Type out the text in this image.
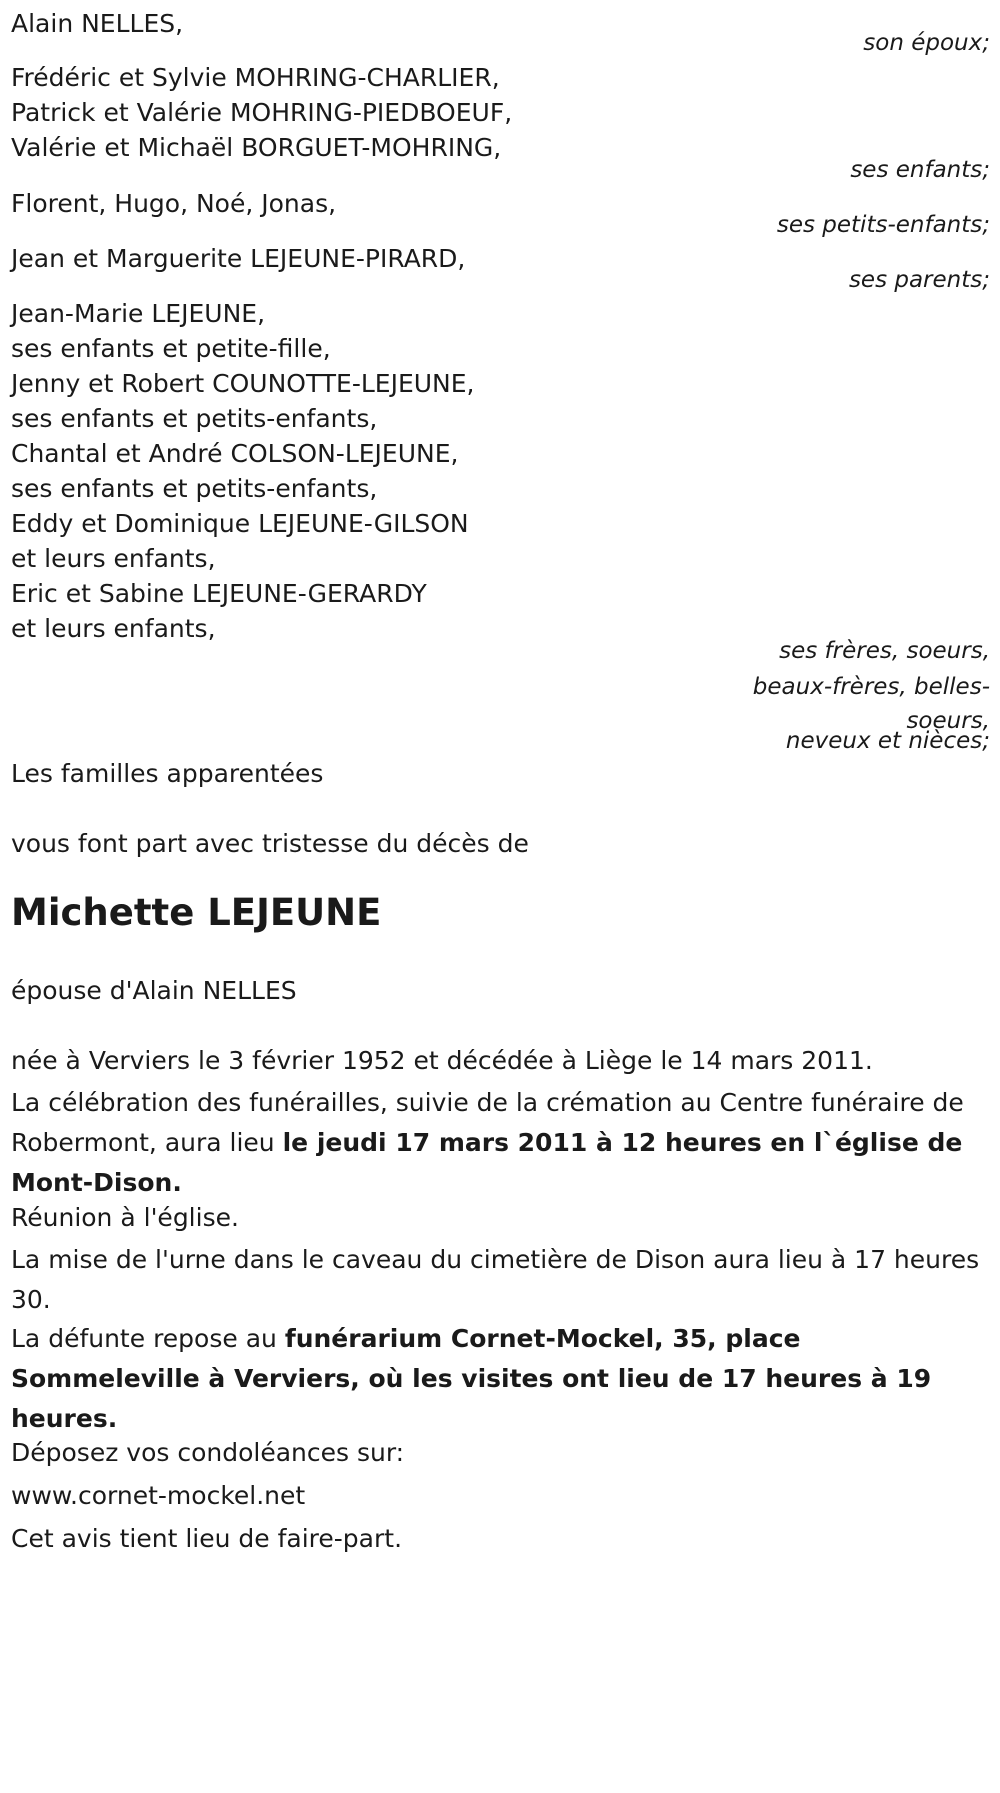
Alain NELLES,
son époux;
Frédéric et Sylvie MOHRING-CHARLIER,
Patrick et Valérie MOHRING-PIEDBOEUF,
Valérie et Michaël BORGUET-MOHRING,
ses enfants;
Florent, Hugo, Noé, Jonas,
ses petits-enfants;
Jean et Marguerite LEJEUNE-PIRARD,
ses parents;
Jean-Marie LEJEUNE,
ses enfants et petite-fille,
Jenny et Robert COUNOTTE-LEJEUNE,
ses enfants et petits-enfants,
Chantal et André COLSON-LEJEUNE,
ses enfants et petits-enfants,
Eddy et Dominique LEJEUNE-GILSON
et leurs enfants,
Eric et Sabine LEJEUNE-GERARDY
et leurs enfants,
ses frères, soeurs,
beaux-frères, belles-
soeurs,
neveux et nièces;
Les familles apparentées
vous font part avec tristesse du décès de
Michette LEJEUNE
épouse d'Alain NELLES
née à Verviers le 3 février 1952 et décédée à Liège le 14 mars 2011.
La célébration des funérailles, suivie de la crémation au Centre funéraire de Robermont, aura lieu le jeudi 17 mars 2011 à 12 heures en l`église de Mont-Dison.
Réunion à l'église.
La mise de l'urne dans le caveau du cimetière de Dison aura lieu à 17 heures 30.
La défunte repose au funérarium Cornet-Mockel, 35, place Sommeleville à Verviers, où les visites ont lieu de 17 heures à 19 heures.
Déposez vos condoléances sur:
www.cornet-mockel.net
Cet avis tient lieu de faire-part.
